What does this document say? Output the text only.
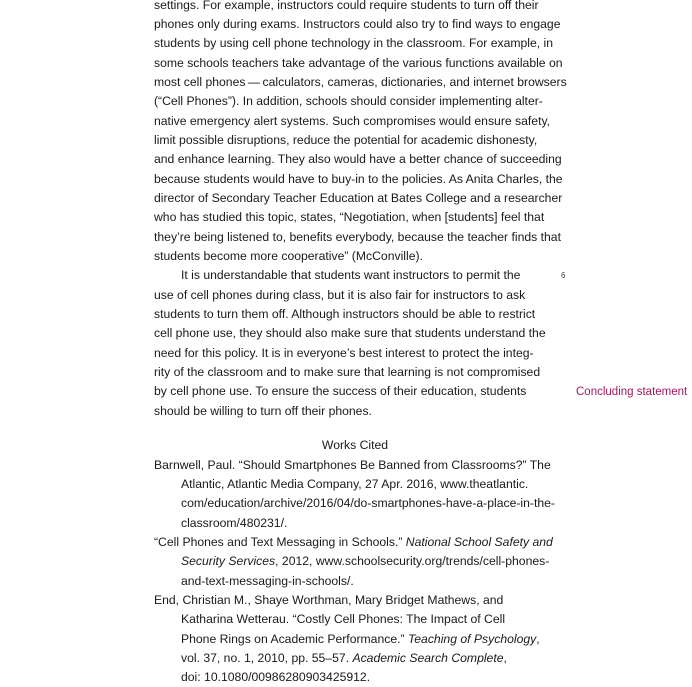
settings. For example, instructors could require students to turn off their

phones only during exams. Instructors could also try to find ways to engage

students by using cell phone technology in the classroom. For example, in

some schools teachers take advantage of the various functions available on

most cell phones — calculators, cameras, dictionaries, and internet browsers

(“Cell Phones”). In addition, schools should consider implementing alter-

native emergency alert systems. Such compromises would ensure safety,

limit possible disruptions, reduce the potential for academic dishonesty,

and enhance learning. They also would have a better chance of succeeding

because students would have to buy-in to the policies. As Anita Charles, the

director of Secondary Teacher Education at Bates College and a researcher

who has studied this topic, states, “Negotiation, when [students] feel that

they’re being listened to, benefits everybody, because the teacher finds that

students become more cooperative” (McConville).

6

It is understandable that students want instructors to permit the

use of cell phones during class, but it is also fair for instructors to ask

students to turn them off. Although instructors should be able to restrict

cell phone use, they should also make sure that students understand the

need for this policy. It is in everyone’s best interest to protect the integ-

rity of the classroom and to make sure that learning is not compromised

by cell phone use. To ensure the success of their education, students

should be willing to turn off their phones.

Concluding statement

Works Cited

Barnwell, Paul. “Should Smartphones Be Banned from Classrooms?” The

Atlantic, Atlantic Media Company, 27 Apr. 2016, www.theatlantic.

com/education/archive/2016/04/do-smartphones-have-a-place-in-the-

classroom/480231/.

“Cell Phones and Text Messaging in Schools.” National School Safety and

Security Services, 2012, www.schoolsecurity.org/trends/cell-phones-

and-text-messaging-in-schools/.

End, Christian M., Shaye Worthman, Mary Bridget Mathews, and

Katharina Wetterau. “Costly Cell Phones: The Impact of Cell

Phone Rings on Academic Performance.” Teaching of Psychology,

vol. 37, no. 1, 2010, pp. 55–57. Academic Search Complete,

doi: 10.1080/00986280903425912.
